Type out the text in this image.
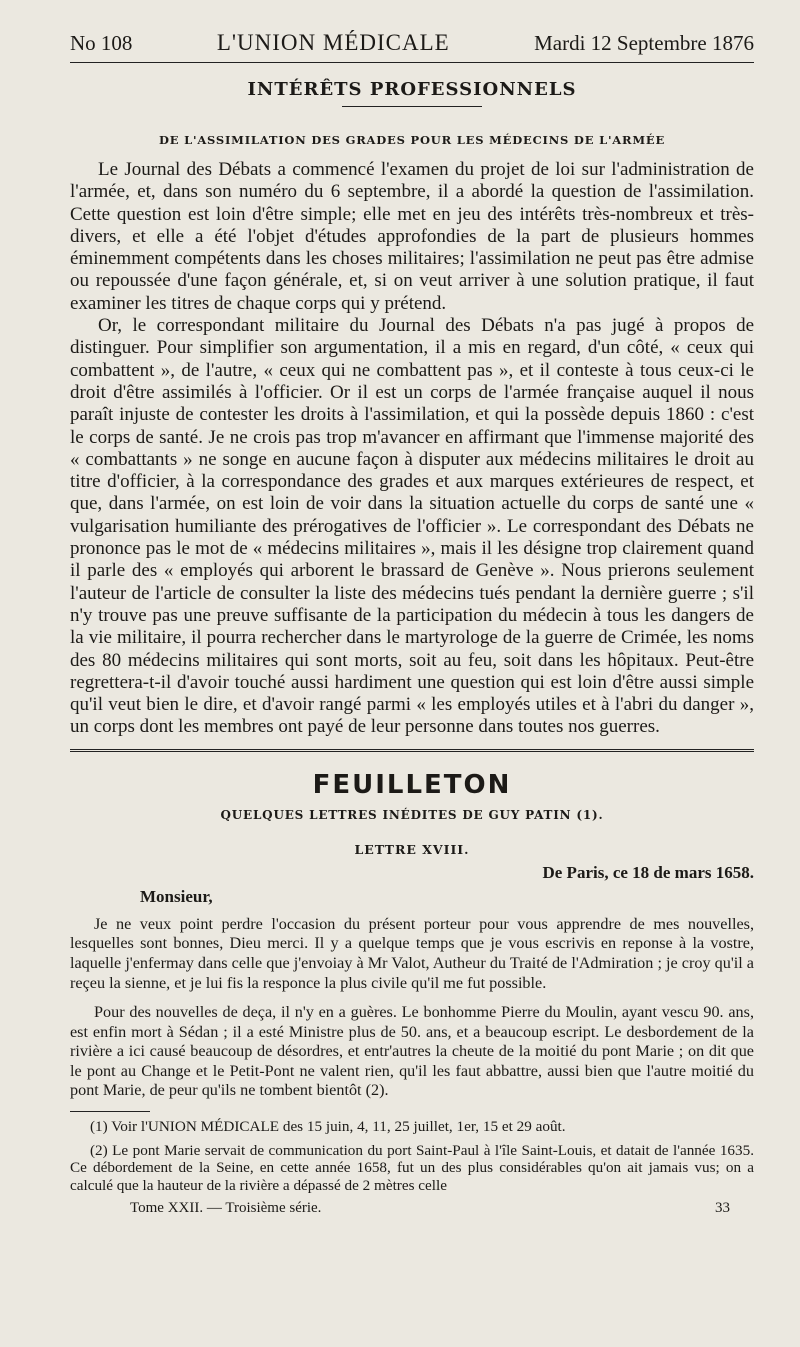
No 108	L'UNION MÉDICALE	Mardi 12 Septembre 1876
INTÉRÊTS PROFESSIONNELS
DE L'ASSIMILATION DES GRADES POUR LES MÉDECINS DE L'ARMÉE

Le Journal des Débats a commencé l'examen du projet de loi sur l'administration de l'armée, et, dans son numéro du 6 septembre, il a abordé la question de l'assimilation. Cette question est loin d'être simple; elle met en jeu des intérêts très-nombreux et très-divers, et elle a été l'objet d'études approfondies de la part de plusieurs hommes éminemment compétents dans les choses militaires; l'assimilation ne peut pas être admise ou repoussée d'une façon générale, et, si on veut arriver à une solution pratique, il faut examiner les titres de chaque corps qui y prétend.

Or, le correspondant militaire du Journal des Débats n'a pas jugé à propos de distinguer. Pour simplifier son argumentation, il a mis en regard, d'un côté, « ceux qui combattent », de l'autre, « ceux qui ne combattent pas », et il conteste à tous ceux-ci le droit d'être assimilés à l'officier. Or il est un corps de l'armée française auquel il nous paraît injuste de contester les droits à l'assimilation, et qui la possède depuis 1860 : c'est le corps de santé. Je ne crois pas trop m'avancer en affirmant que l'immense majorité des « combattants » ne songe en aucune façon à disputer aux médecins militaires le droit au titre d'officier, à la correspondance des grades et aux marques extérieures de respect, et que, dans l'armée, on est loin de voir dans la situation actuelle du corps de santé une « vulgarisation humiliante des prérogatives de l'officier ». Le correspondant des Débats ne prononce pas le mot de « médecins militaires », mais il les désigne trop clairement quand il parle des « employés qui arborent le brassard de Genève ». Nous prierons seulement l'auteur de l'article de consulter la liste des médecins tués pendant la dernière guerre ; s'il n'y trouve pas une preuve suffisante de la participation du médecin à tous les dangers de la vie militaire, il pourra rechercher dans le martyrologe de la guerre de Crimée, les noms des 80 médecins militaires qui sont morts, soit au feu, soit dans les hôpitaux. Peut-être regrettera-t-il d'avoir touché aussi hardiment une question qui est loin d'être aussi simple qu'il veut bien le dire, et d'avoir rangé parmi « les employés utiles et à l'abri du danger », un corps dont les membres ont payé de leur personne dans toutes nos guerres.

FEUILLETON
QUELQUES LETTRES INÉDITES DE GUY PATIN (1).
LETTRE XVIII.
De Paris, ce 18 de mars 1658.
Monsieur,

Je ne veux point perdre l'occasion du présent porteur pour vous apprendre de mes nouvelles, lesquelles sont bonnes, Dieu merci. Il y a quelque temps que je vous escrivis en reponse à la vostre, laquelle j'enfermay dans celle que j'envoiay à Mr Valot, Autheur du Traité de l'Admiration ; je croy qu'il a reçeu la sienne, et je lui fis la responce la plus civile qu'il me fut possible.

Pour des nouvelles de deça, il n'y en a guères. Le bonhomme Pierre du Moulin, ayant vescu 90. ans, est enfin mort à Sédan ; il a esté Ministre plus de 50. ans, et a beaucoup escript. Le desbordement de la rivière a ici causé beaucoup de désordres, et entr'autres la cheute de la moitié du pont Marie ; on dit que le pont au Change et le Petit-Pont ne valent rien, qu'il les faut abbattre, aussi bien que l'autre moitié du pont Marie, de peur qu'ils ne tombent bientôt (2).

(1) Voir l'UNION MÉDICALE des 15 juin, 4, 11, 25 juillet, 1er, 15 et 29 août.

(2) Le pont Marie servait de communication du port Saint-Paul à l'île Saint-Louis, et datait de l'année 1635. Ce débordement de la Seine, en cette année 1658, fut un des plus considérables qu'on ait jamais vus; on a calculé que la hauteur de la rivière a dépassé de 2 mètres celle

Tome XXII. — Troisième série.	33
